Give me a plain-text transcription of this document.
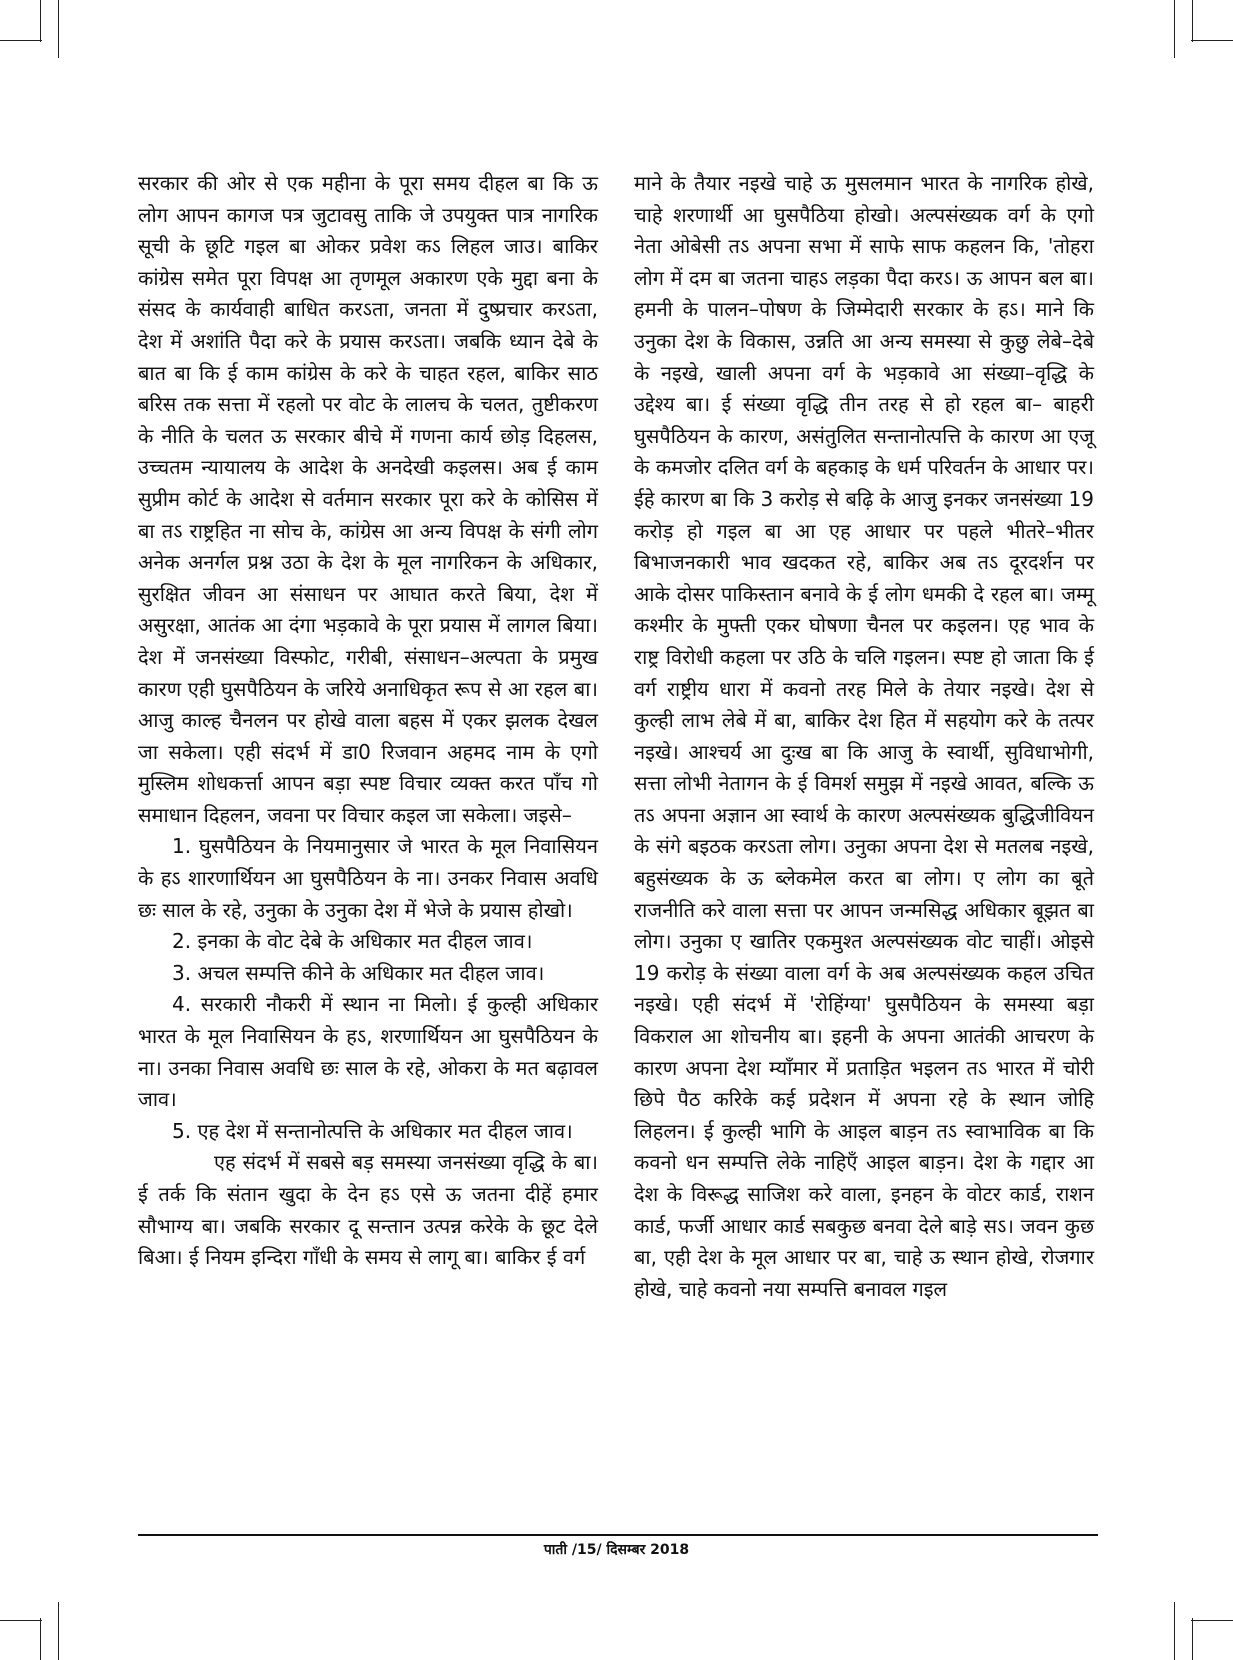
सरकार की ओर से एक महीना के पूरा समय दीहल बा कि ऊ लोग आपन कागज पत्र जुटावसु ताकि जे उपयुक्त पात्र नागरिक सूची के छूटि गइल बा ओकर प्रवेश कऽ लिहल जाउ। बाकिर कांग्रेस समेत पूरा विपक्ष आ तृणमूल अकारण एके मुद्दा बना के संसद के कार्यवाही बाधित करऽता, जनता में दुष्प्रचार करऽता, देश में अशांति पैदा करे के प्रयास करऽता। जबकि ध्यान देबे के बात बा कि ई काम कांग्रेस के करे के चाहत रहल, बाकिर साठ बरिस तक सत्ता में रहलो पर वोट के लालच के चलत, तुष्टीकरण के नीति के चलत ऊ सरकार बीचे में गणना कार्य छोड़ दिहलस, उच्चतम न्यायालय के आदेश के अनदेखी कइलस। अब ई काम सुप्रीम कोर्ट के आदेश से वर्तमान सरकार पूरा करे के कोसिस में बा तऽ राष्ट्रहित ना सोच के, कांग्रेस आ अन्य विपक्ष के संगी लोग अनेक अनर्गल प्रश्न उठा के देश के मूल नागरिकन के अधिकार, सुरक्षित जीवन आ संसाधन पर आघात करते बिया, देश में असुरक्षा, आतंक आ दंगा भड़कावे के पूरा प्रयास में लागल बिया। देश में जनसंख्या विस्फोट, गरीबी, संसाधन–अल्पता के प्रमुख कारण एही घुसपैठियन के जरिये अनाधिकृत रूप से आ रहल बा। आजु काल्ह चैनलन पर होखे वाला बहस में एकर झलक देखल जा सकेला। एही संदर्भ में डा0 रिजवान अहमद नाम के एगो मुस्लिम शोधकर्त्ता आपन बड़ा स्पष्ट विचार व्यक्त करत पाँच गो समाधान दिहलन, जवना पर विचार कइल जा सकेला। जइसे–

1. घुसपैठियन के नियमानुसार जे भारत के मूल निवासियन के हऽ शारणार्थियन आ घुसपैठियन के ना। उनकर निवास अवधि छः साल के रहे, उनुका के उनुका देश में भेजे के प्रयास होखो।

2. इनका के वोट देबे के अधिकार मत दीहल जाव।

3. अचल सम्पत्ति कीने के अधिकार मत दीहल जाव।

4. सरकारी नौकरी में स्थान ना मिलो। ई कुल्ही अधिकार भारत के मूल निवासियन के हऽ, शरणार्थियन आ घुसपैठियन के ना। उनका निवास अवधि छः साल के रहे, ओकरा के मत बढ़ावल जाव।

5. एह देश में सन्तानोत्पत्ति के अधिकार मत दीहल जाव।

एह संदर्भ में सबसे बड़ समस्या जनसंख्या वृद्धि के बा। ई तर्क कि संतान खुदा के देन हऽ एसे ऊ जतना दीहें हमार सौभाग्य बा। जबकि सरकार दू सन्तान उत्पन्न करेके के छूट देले बिआ। ई नियम इन्दिरा गाँधी के समय से लागू बा। बाकिर ई वर्ग

माने के तैयार नइखे चाहे ऊ मुसलमान भारत के नागरिक होखे, चाहे शरणार्थी आ घुसपैठिया होखो। अल्पसंख्यक वर्ग के एगो नेता ओबेसी तऽ अपना सभा में साफे साफ कहलन कि, 'तोहरा लोग में दम बा जतना चाहऽ लड़का पैदा करऽ। ऊ आपन बल बा। हमनी के पालन–पोषण के जिम्मेदारी सरकार के हऽ। माने कि उनुका देश के विकास, उन्नति आ अन्य समस्या से कुछु लेबे–देबे के नइखे, खाली अपना वर्ग के भड़कावे आ संख्या–वृद्धि के उद्देश्य बा। ई संख्या वृद्धि तीन तरह से हो रहल बा– बाहरी घुसपैठियन के कारण, असंतुलित सन्तानोत्पत्ति के कारण आ एजू के कमजोर दलित वर्ग के बहकाइ के धर्म परिवर्तन के आधार पर। ईहे कारण बा कि 3 करोड़ से बढ़ि के आजु इनकर जनसंख्या 19 करोड़ हो गइल बा आ एह आधार पर पहले भीतरे–भीतर बिभाजनकारी भाव खदकत रहे, बाकिर अब तऽ दूरदर्शन पर आके दोसर पाकिस्तान बनावे के ई लोग धमकी दे रहल बा। जम्मू कश्मीर के मुफ्ती एकर घोषणा चैनल पर कइलन। एह भाव के राष्ट्र विरोधी कहला पर उठि के चलि गइलन। स्पष्ट हो जाता कि ई वर्ग राष्ट्रीय धारा में कवनो तरह मिले के तेयार नइखे। देश से कुल्ही लाभ लेबे में बा, बाकिर देश हित में सहयोग करे के तत्पर नइखे। आश्चर्य आ दुःख बा कि आजु के स्वार्थी, सुविधाभोगी, सत्ता लोभी नेतागन के ई विमर्श समुझ में नइखे आवत, बल्कि ऊ तऽ अपना अज्ञान आ स्वार्थ के कारण अल्पसंख्यक बुद्धिजीवियन के संगे बइठक करऽता लोग। उनुका अपना देश से मतलब नइखे, बहुसंख्यक के ऊ ब्लेकमेल करत बा लोग। ए लोग का बूते राजनीति करे वाला सत्ता पर आपन जन्मसिद्ध अधिकार बूझत बा लोग। उनुका ए खातिर एकमुश्त अल्पसंख्यक वोट चाहीं। ओइसे 19 करोड़ के संख्या वाला वर्ग के अब अल्पसंख्यक कहल उचित नइखे। एही संदर्भ में 'रोहिंग्या' घुसपैठियन के समस्या बड़ा विकराल आ शोचनीय बा। इहनी के अपना आतंकी आचरण के कारण अपना देश म्याँमार में प्रताड़ित भइलन तऽ भारत में चोरी छिपे पैठ करिके कई प्रदेशन में अपना रहे के स्थान जोहि लिहलन। ई कुल्ही भागि के आइल बाड़न तऽ स्वाभाविक बा कि कवनो धन सम्पत्ति लेके नाहिएँ आइल बाड़न। देश के गद्दार आ देश के विरूद्ध साजिश करे वाला, इनहन के वोटर कार्ड, राशन कार्ड, फर्जी आधार कार्ड सबकुछ बनवा देले बाड़े सऽ। जवन कुछ बा, एही देश के मूल आधार पर बा, चाहे ऊ स्थान होखे, रोजगार होखे, चाहे कवनो नया सम्पत्ति बनावल गइल

पाती /15/ दिसम्बर 2018
